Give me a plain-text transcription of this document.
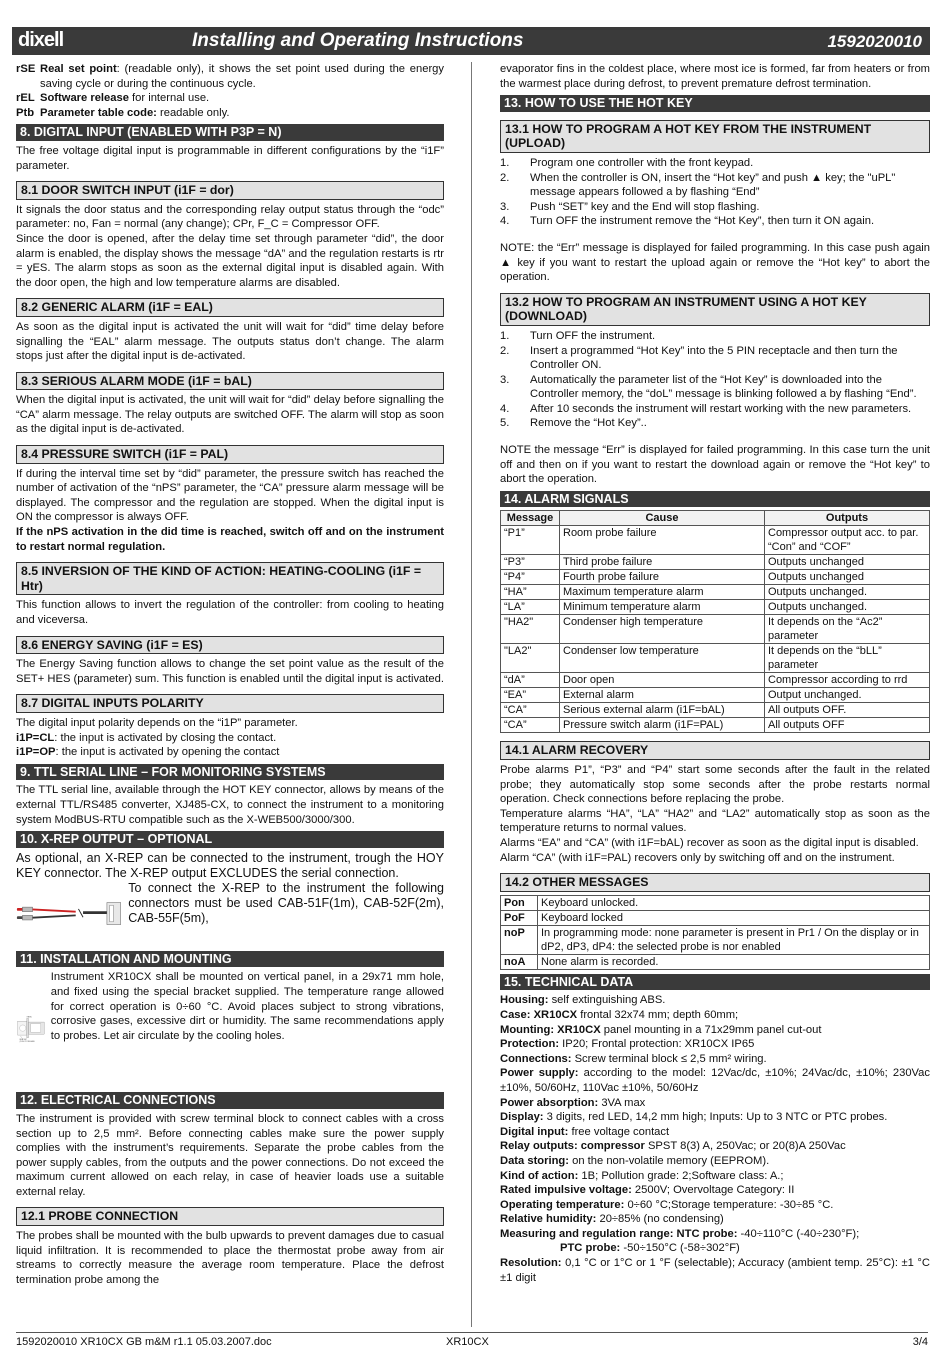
dixell	Installing and Operating Instructions	1592020010
rSE Real set point: (readable only), it shows the set point used during the energy saving cycle or during the continuous cycle.
rEL Software release for internal use.
Ptb Parameter table code: readable only.
8. DIGITAL INPUT (ENABLED WITH P3P = N)

The free voltage digital input is programmable in different configurations by the “i1F” parameter.

8.1 DOOR SWITCH INPUT (i1F = dor)

It signals the door status and the corresponding relay output status through the “odc” parameter: no, Fan = normal (any change); CPr, F_C = Compressor OFF.

Since the door is opened, after the delay time set through parameter “did”, the door alarm is enabled, the display shows the message “dA” and the regulation restarts is rtr = yES. The alarm stops as soon as the external digital input is disabled again. With the door open, the high and low temperature alarms are disabled.

8.2 GENERIC ALARM (i1F = EAL)

As soon as the digital input is activated the unit will wait for “did” time delay before signalling the “EAL” alarm message. The outputs status don’t change. The alarm stops just after the digital input is de-activated.

8.3 SERIOUS ALARM MODE (i1F = bAL)

When the digital input is activated, the unit will wait for “did” delay before signalling the “CA” alarm message. The relay outputs are switched OFF. The alarm will stop as soon as the digital input is de-activated.

8.4 PRESSURE SWITCH (i1F = PAL)

If during the interval time set by “did” parameter, the pressure switch has reached the number of activation of the “nPS” parameter, the “CA” pressure alarm message will be displayed. The compressor and the regulation are stopped. When the digital input is ON the compressor is always OFF.

If the nPS activation in the did time is reached, switch off and on the instrument to restart normal regulation.

8.5 INVERSION OF THE KIND OF ACTION: HEATING-COOLING (i1F = Htr)

This function allows to invert the regulation of the controller: from cooling to heating and viceversa.

8.6 ENERGY SAVING (i1F = ES)

The Energy Saving function allows to change the set point value as the result of the SET+ HES (parameter) sum. This function is enabled until the digital input is activated.

8.7 DIGITAL INPUTS POLARITY

The digital input polarity depends on the “i1P” parameter.

i1P=CL: the input is activated by closing the contact.

i1P=OP: the input is activated by opening the contact

9. TTL SERIAL LINE – FOR MONITORING SYSTEMS

The TTL serial line, available through the HOT KEY connector, allows by means of the external TTL/RS485 converter, XJ485-CX, to connect the instrument to a monitoring system ModBUS-RTU compatible such as the X-WEB500/3000/300.

10. X-REP OUTPUT – OPTIONAL

As optional, an X-REP can be connected to the instrument, trough the HOY KEY connector. The X-REP output EXCLUDES the serial connection.

To connect the X-REP to the instrument the following connectors must be used CAB-51F(1m), CAB-52F(2m), CAB-55F(5m),

11. INSTALLATION AND MOUNTING
PANEL
BRACKET
(PUSH TO RELEASE

Instrument XR10CX shall be mounted on vertical panel, in a 29x71 mm hole, and fixed using the special bracket supplied. The temperature range allowed for correct operation is 0÷60 °C. Avoid places subject to strong vibrations, corrosive gases, excessive dirt or humidity. The same recommendations apply to probes. Let air circulate by the cooling holes.

12. ELECTRICAL CONNECTIONS

The instrument is provided with screw terminal block to connect cables with a cross section up to 2,5 mm². Before connecting cables make sure the power supply complies with the instrument’s requirements. Separate the probe cables from the power supply cables, from the outputs and the power connections. Do not exceed the maximum current allowed on each relay, in case of heavier loads use a suitable external relay.

12.1 PROBE CONNECTION

The probes shall be mounted with the bulb upwards to prevent damages due to casual liquid infiltration. It is recommended to place the thermostat probe away from air streams to correctly measure the average room temperature. Place the defrost termination probe among the

evaporator fins in the coldest place, where most ice is formed, far from heaters or from the warmest place during defrost, to prevent premature defrost termination.

13. HOW TO USE THE HOT KEY
13.1 HOW TO PROGRAM A HOT KEY FROM THE INSTRUMENT (UPLOAD)
1.	Program one controller with the front keypad.
2.	When the controller is ON, insert the “Hot key” and push ▲ key; the "uPL" message appears followed a by flashing “End”
3.	Push “SET” key and the End will stop flashing.
4.	Turn OFF the instrument remove the “Hot Key”, then turn it ON again.

NOTE: the “Err” message is displayed for failed programming. In this case push again ▲ key if you want to restart the upload again or remove the “Hot key” to abort the operation.

13.2 HOW TO PROGRAM AN INSTRUMENT USING A HOT KEY (DOWNLOAD)
1.	Turn OFF the instrument.
2.	Insert a programmed “Hot Key” into the 5 PIN receptacle and then turn the Controller ON.
3.	Automatically the parameter list of the “Hot Key” is downloaded into the Controller memory, the “doL” message is blinking followed a by flashing “End”.
4.	After 10 seconds the instrument will restart working with the new parameters.
5.	Remove the “Hot Key”..

NOTE the message “Err” is displayed for failed programming. In this case turn the unit off and then on if you want to restart the download again or remove the “Hot key” to abort the operation.

14. ALARM SIGNALS
Message	Cause	Outputs
“P1”	Room probe failure	Compressor output acc. to par. “Con” and “COF”
“P3”	Third probe failure	Outputs unchanged
“P4”	Fourth probe failure	Outputs unchanged
“HA”	Maximum temperature alarm	Outputs unchanged.
“LA”	Minimum temperature alarm	Outputs unchanged.
"HA2"	Condenser high temperature	It depends on the “Ac2” parameter
"LA2"	Condenser low temperature	It depends on the “bLL” parameter
“dA”	Door open	Compressor according to rrd
“EA”	External alarm	Output unchanged.
“CA”	Serious external alarm (i1F=bAL)	All outputs OFF.
“CA”	Pressure switch alarm (i1F=PAL)	All outputs OFF
14.1 ALARM RECOVERY

Probe alarms P1”, “P3” and “P4” start some seconds after the fault in the related probe; they automatically stop some seconds after the probe restarts normal operation. Check connections before replacing the probe.

Temperature alarms “HA”, “LA” “HA2” and “LA2” automatically stop as soon as the temperature returns to normal values.

Alarms “EA” and “CA” (with i1F=bAL) recover as soon as the digital input is disabled.

Alarm “CA” (with i1F=PAL) recovers only by switching off and on the instrument.

14.2 OTHER MESSAGES
Pon	Keyboard unlocked.
PoF	Keyboard locked
noP	In programming mode: none parameter is present in Pr1 / On the display or in dP2, dP3, dP4: the selected probe is nor enabled
noA	None alarm is recorded.
15. TECHNICAL DATA

Housing: self extinguishing ABS.

Case: XR10CX frontal 32x74 mm; depth 60mm;

Mounting: XR10CX panel mounting in a 71x29mm panel cut-out

Protection: IP20; Frontal protection: XR10CX IP65

Connections: Screw terminal block ≤ 2,5 mm² wiring.

Power supply: according to the model: 12Vac/dc, ±10%; 24Vac/dc, ±10%; 230Vac ±10%, 50/60Hz, 110Vac ±10%, 50/60Hz

Power absorption: 3VA max

Display: 3 digits, red LED, 14,2 mm high; Inputs: Up to 3 NTC or PTC probes.

Digital input: free voltage contact

Relay outputs: compressor SPST 8(3) A, 250Vac; or 20(8)A 250Vac

Data storing: on the non-volatile memory (EEPROM).

Kind of action: 1B; Pollution grade: 2;Software class: A.;

Rated impulsive voltage: 2500V; Overvoltage Category: II

Operating temperature: 0÷60 °C;Storage temperature: -30÷85 °C.

Relative humidity: 20÷85% (no condensing)

Measuring and regulation range: NTC probe: -40÷110°C (-40÷230°F);

PTC probe: -50÷150°C (-58÷302°F)

Resolution: 0,1 °C or 1°C or 1 °F (selectable); Accuracy (ambient temp. 25°C): ±1 °C ±1 digit

1592020010 XR10CX GB m&M r1.1 05.03.2007.doc	XR10CX	3/4
